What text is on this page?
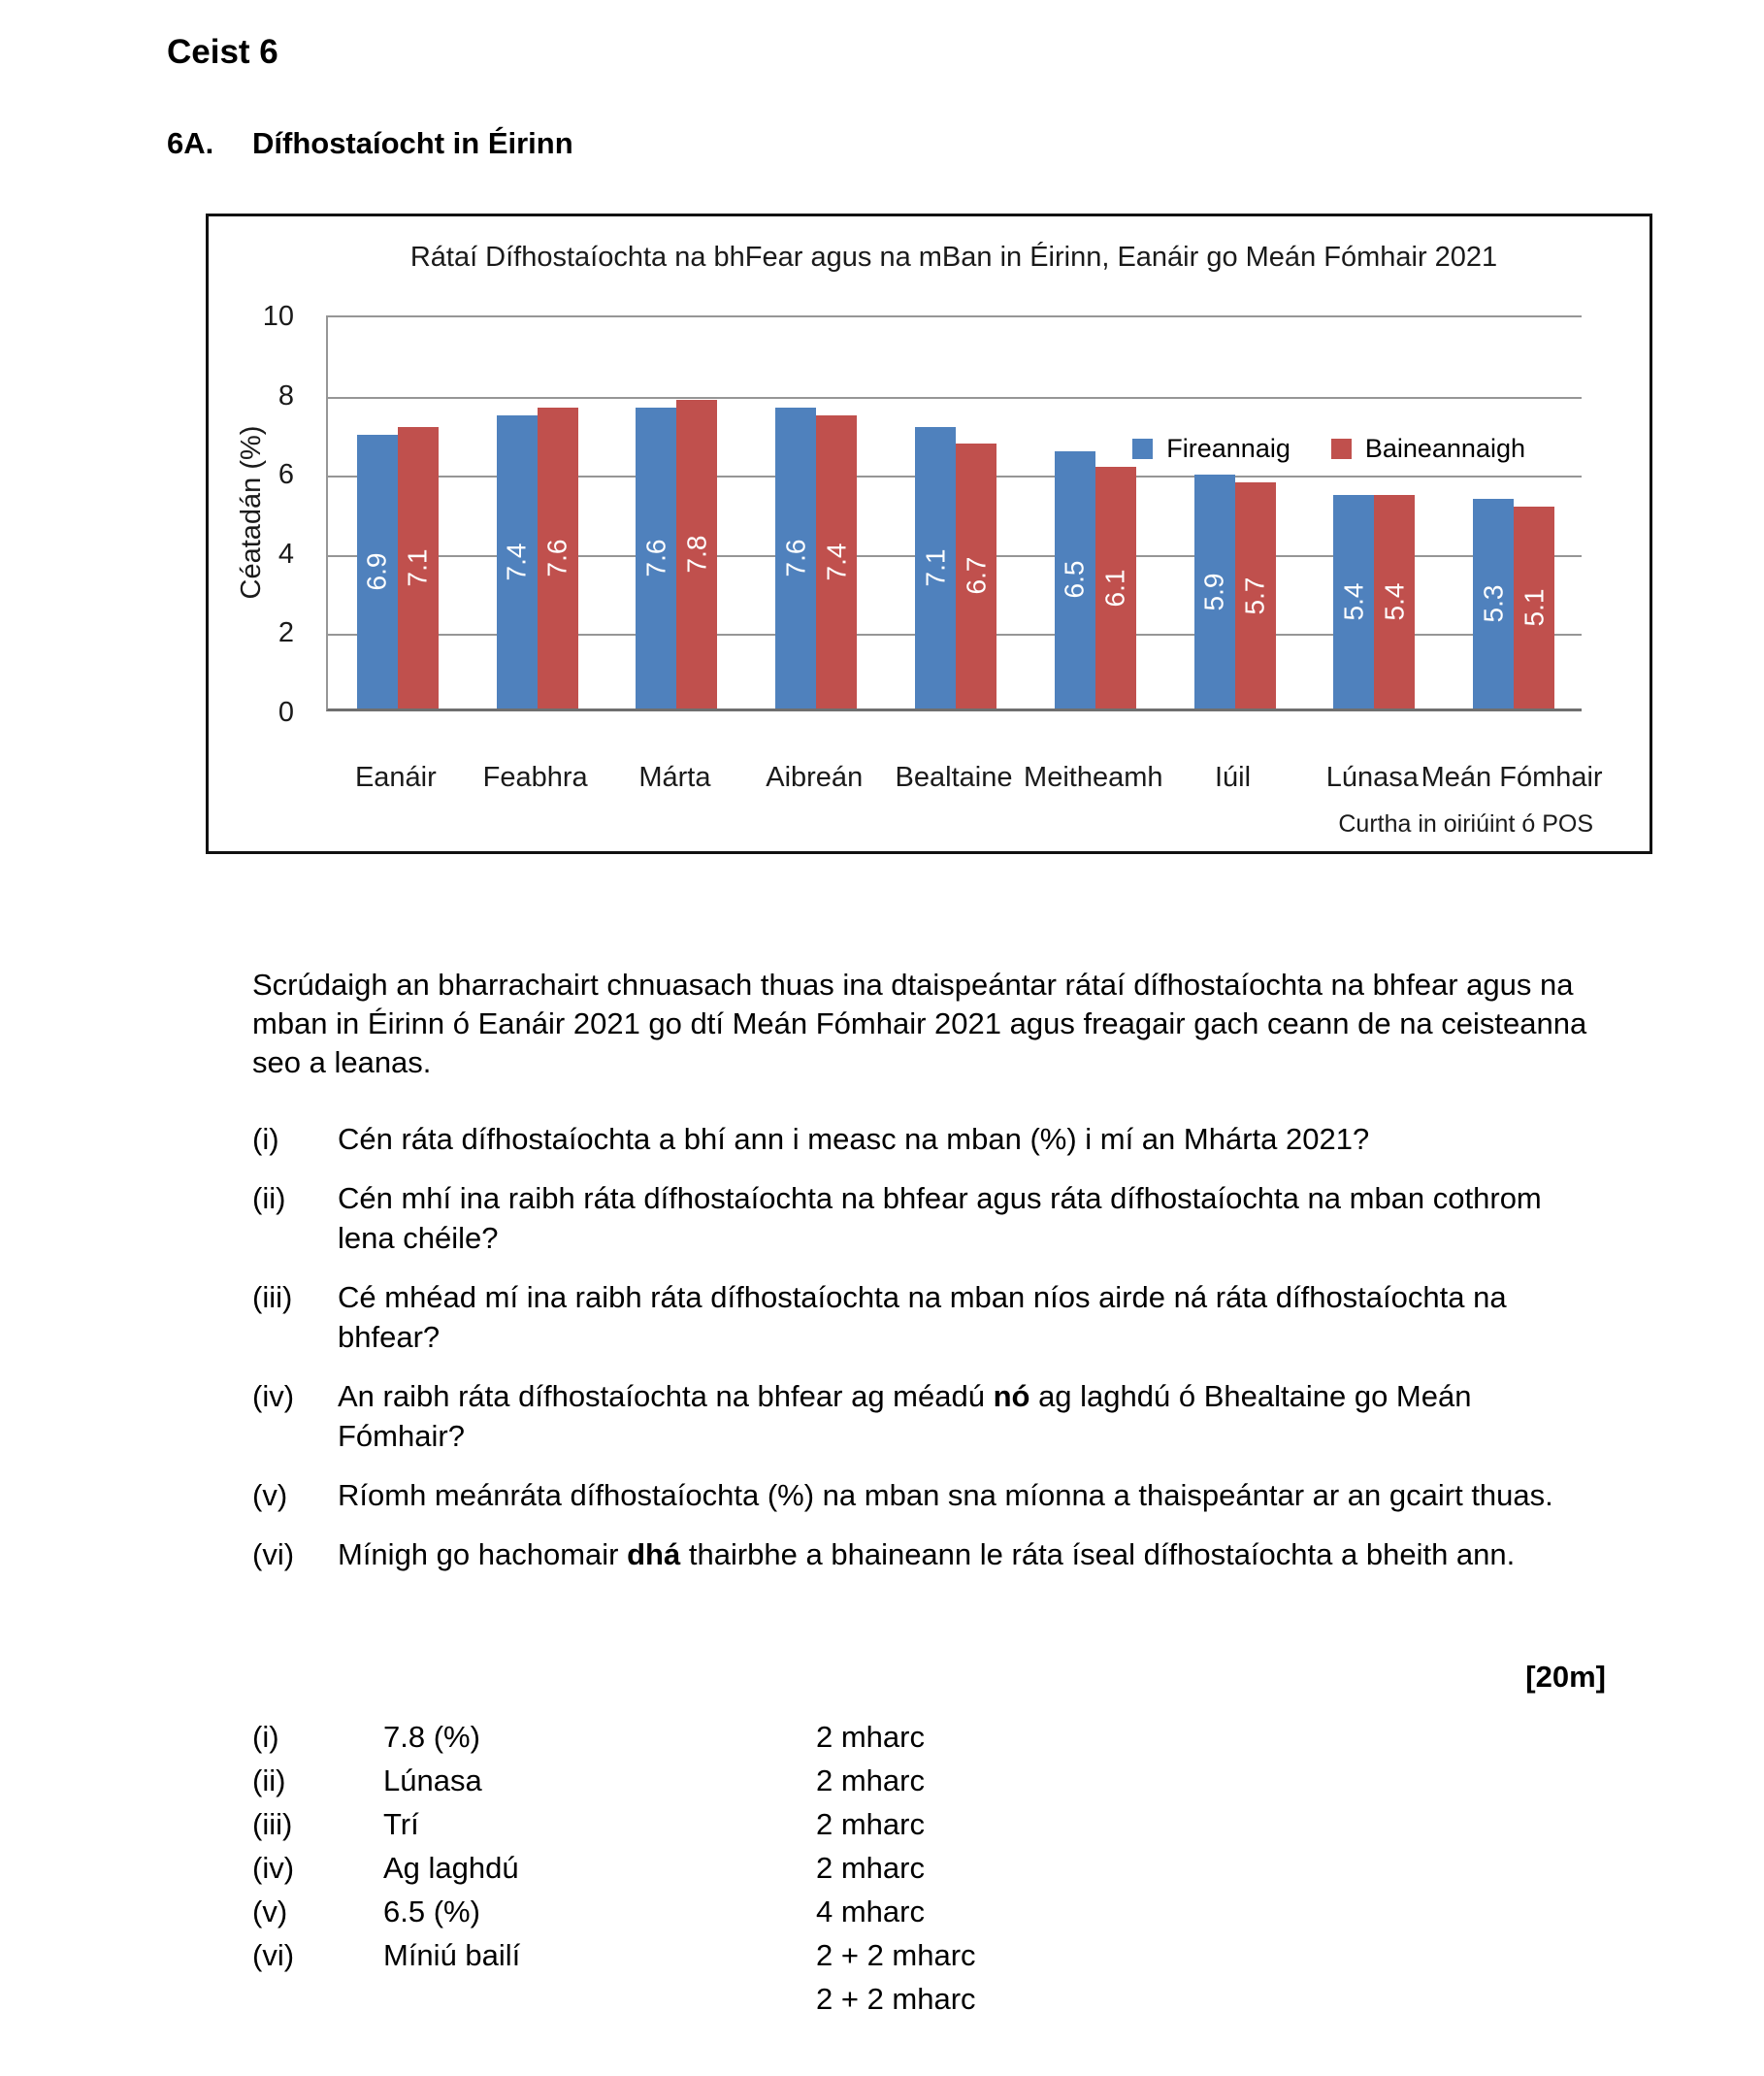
Ceist 6
6A. Dífhostaíocht in Éirinn
Rátaí Dífhostaíochta na bhFear agus na mBan in Éirinn, Eanáir go Meán Fómhair 2021
Céatadán (%)
0
2
4
6
8
10
6.9 7.1	7.4 7.6	7.6 7.8	7.6 7.4	7.1 6.7	6.5 6.1	5.9 5.7	5.4 5.4	5.3 5.1
Fireannaig	Baineannaigh
Eanáir	Feabhra	Márta	Aibreán	Bealtaine Meitheamh	Iúil	Lúnasa Meán Fómhair
Curtha in oiriúint ó POS
Scrúdaigh an bharrachairt chnuasach thuas ina dtaispeántar rátaí dífhostaíochta na bhfear agus na mban in Éirinn ó Eanáir 2021 go dtí Meán Fómhair 2021 agus freagair gach ceann de na ceisteanna seo a leanas.
(i)	Cén ráta dífhostaíochta a bhí ann i measc na mban (%) i mí an Mhárta 2021?
(ii)	Cén mhí ina raibh ráta dífhostaíochta na bhfear agus ráta dífhostaíochta na mban cothrom lena chéile?
(iii)	Cé mhéad mí ina raibh ráta dífhostaíochta na mban níos airde ná ráta dífhostaíochta na bhfear?
(iv)	An raibh ráta dífhostaíochta na bhfear ag méadú nó ag laghdú ó Bhealtaine go Meán Fómhair?
(v)	Ríomh meánráta dífhostaíochta (%) na mban sna míonna a thaispeántar ar an gcairt thuas.
(vi)	Mínigh go hachomair dhá thairbhe a bhaineann le ráta íseal dífhostaíochta a bheith ann.
[20m]
(i)	7.8 (%)	2 mharc
(ii)	Lúnasa	2 mharc
(iii)	Trí	2 mharc
(iv)	Ag laghdú	2 mharc
(v)	6.5 (%)	4 mharc
(vi)	Míniú bailí	2 + 2 mharc
2 + 2 mharc
